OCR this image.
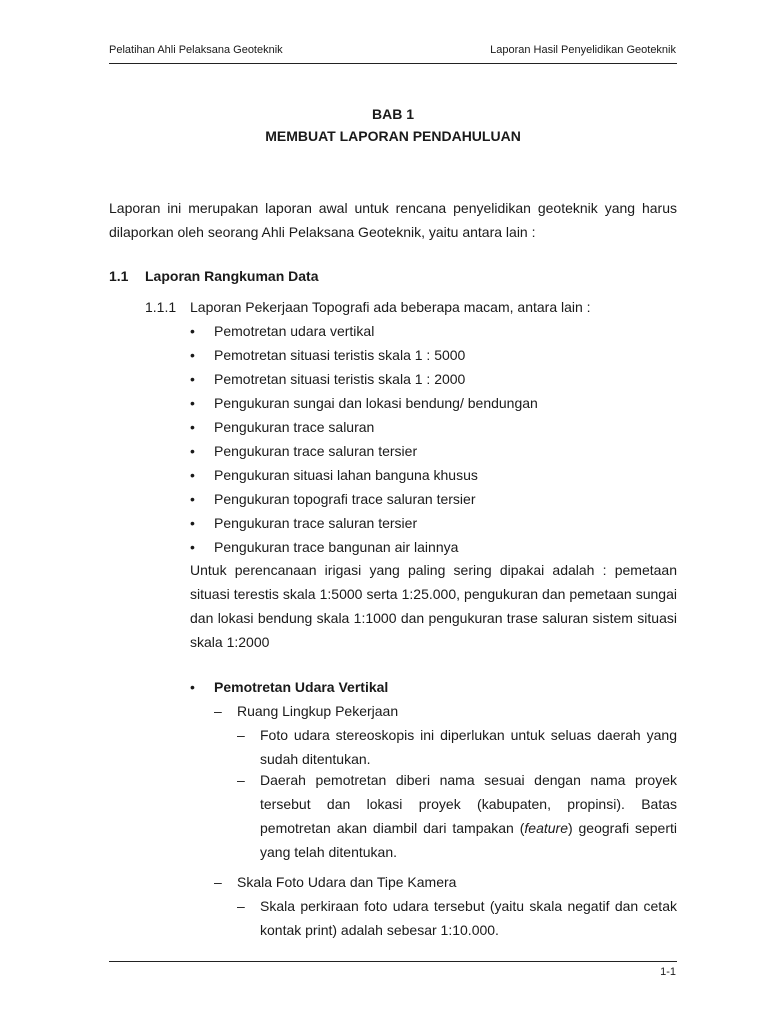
Pelatihan Ahli Pelaksana Geoteknik	Laporan Hasil Penyelidikan Geoteknik
BAB 1
MEMBUAT LAPORAN PENDAHULUAN
Laporan ini merupakan laporan awal untuk rencana penyelidikan geoteknik yang harus dilaporkan oleh seorang Ahli Pelaksana Geoteknik, yaitu antara lain :
1.1 Laporan Rangkuman Data
1.1.1 Laporan Pekerjaan Topografi ada beberapa macam, antara lain :
• Pemotretan udara vertikal
• Pemotretan situasi teristis skala 1 : 5000
• Pemotretan situasi teristis skala 1 : 2000
• Pengukuran sungai dan lokasi bendung/ bendungan
• Pengukuran trace saluran
• Pengukuran trace saluran tersier
• Pengukuran situasi lahan banguna khusus
• Pengukuran topografi trace saluran tersier
• Pengukuran trace saluran tersier
• Pengukuran trace bangunan air lainnya
Untuk perencanaan irigasi yang paling sering dipakai adalah : pemetaan situasi terestis skala 1:5000 serta 1:25.000, pengukuran dan pemetaan sungai dan lokasi bendung skala 1:1000 dan pengukuran trase saluran sistem situasi skala 1:2000
• Pemotretan Udara Vertikal
– Ruang Lingkup Pekerjaan
– Foto udara stereoskopis ini diperlukan untuk seluas daerah yang sudah ditentukan.
– Daerah pemotretan diberi nama sesuai dengan nama proyek tersebut dan lokasi proyek (kabupaten, propinsi). Batas pemotretan akan diambil dari tampakan (feature) geografi seperti yang telah ditentukan.
– Skala Foto Udara dan Tipe Kamera
– Skala perkiraan foto udara tersebut (yaitu skala negatif dan cetak kontak print) adalah sebesar 1:10.000.
1-1
